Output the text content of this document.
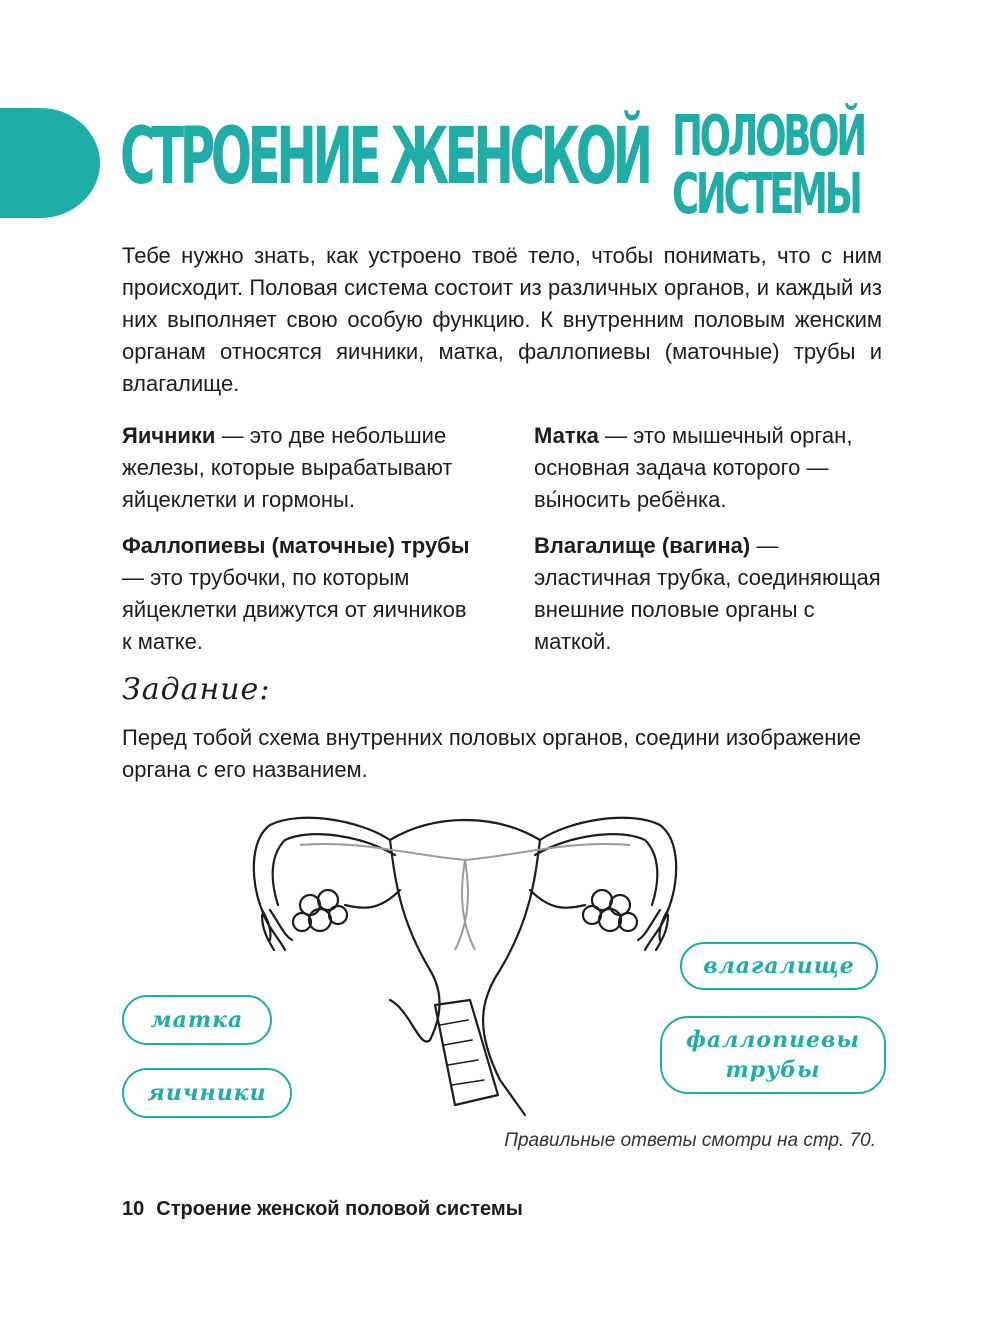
СТРОЕНИЕ ЖЕНСКОЙ ПОЛОВОЙ
СИСТЕМЫ

Тебе нужно знать, как устроено твоё тело, чтобы понимать, что с ним происходит. Половая система состоит из различных органов, и каждый из них выполняет свою особую функцию. К внутренним половым женским органам относятся яичники, матка, фаллопиевы (маточные) трубы и влагалище.

Яичники — это две небольшие железы, которые вырабатывают яйцеклетки и гормоны.

Фаллопиевы (маточные) трубы — это трубочки, по которым яйцеклетки движутся от яичников к матке.

Матка — это мышечный орган, основная задача которого — вы́носить ребёнка.

Влагалище (вагина) — эластичная трубка, соединяющая внешние половые органы с маткой.

Задание:

Перед тобой схема внутренних половых органов, соедини изображение органа с его названием.

матка
яичники
влагалище
фаллопиевы
трубы
Правильные ответы смотри на стр. 70.
10 Строение женской половой системы
